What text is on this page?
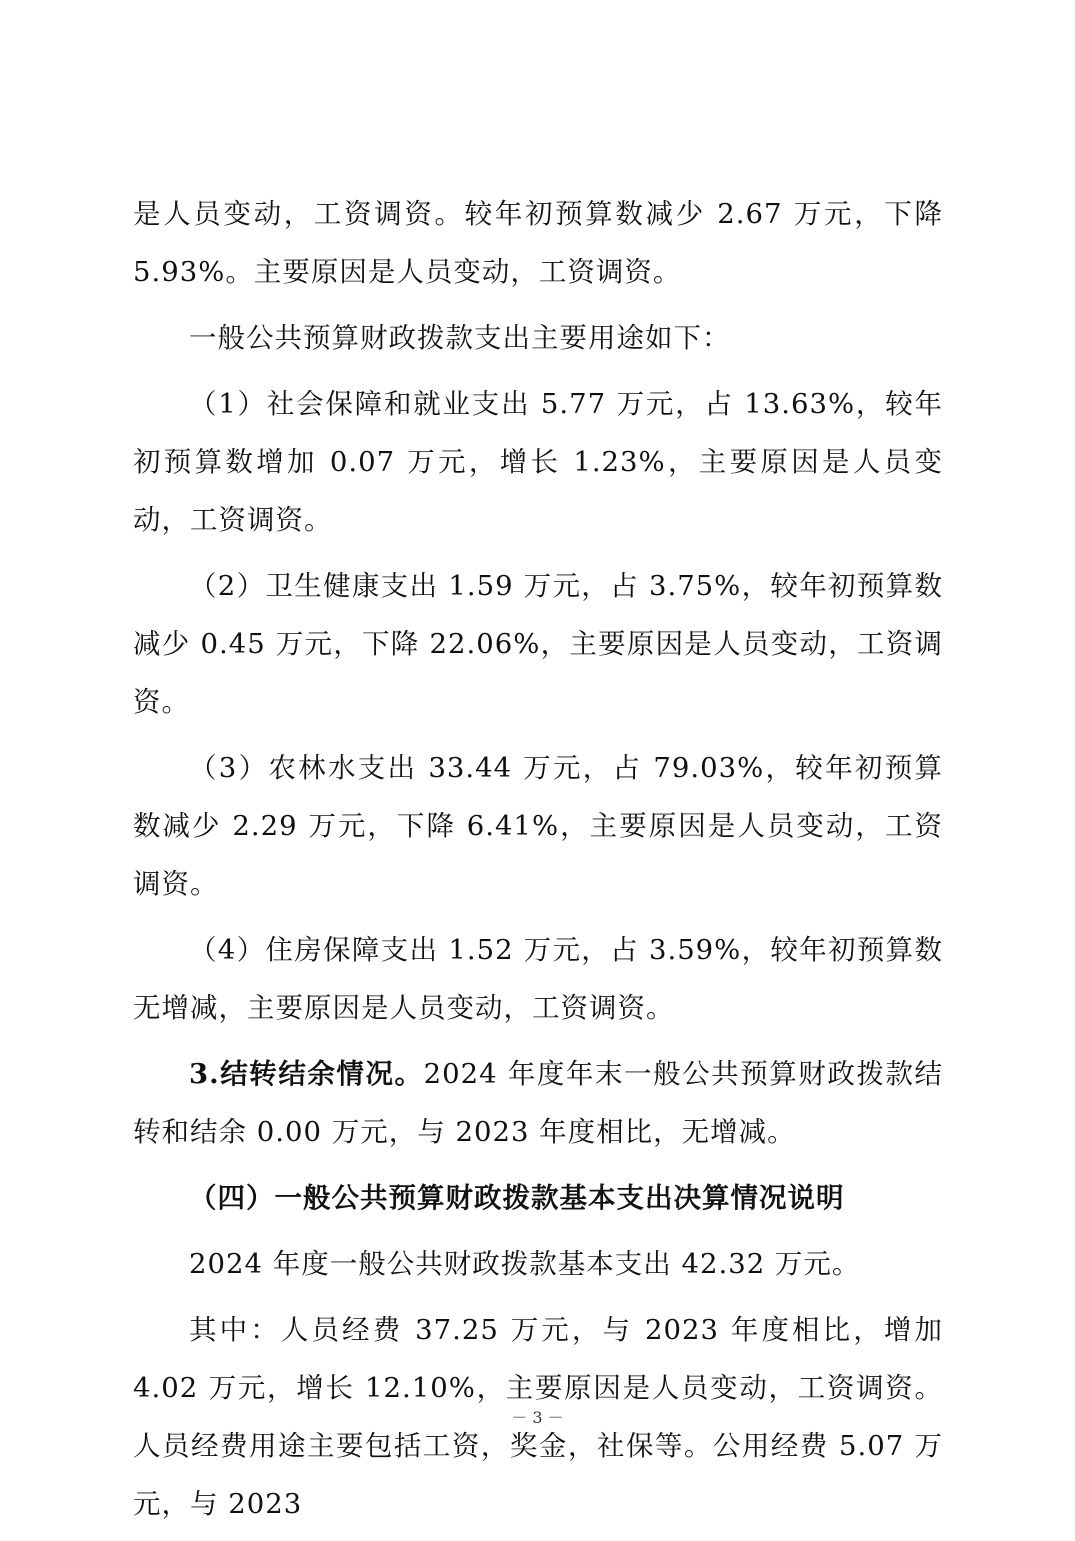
是人员变动，工资调资。较年初预算数减少 2.67 万元，下降 5.93%。主要原因是人员变动，工资调资。

一般公共预算财政拨款支出主要用途如下：

（1）社会保障和就业支出 5.77 万元，占 13.63%，较年初预算数增加 0.07 万元，增长 1.23%，主要原因是人员变动，工资调资。

（2）卫生健康支出 1.59 万元，占 3.75%，较年初预算数减少 0.45 万元，下降 22.06%，主要原因是人员变动，工资调资。

（3）农林水支出 33.44 万元，占 79.03%，较年初预算数减少 2.29 万元，下降 6.41%，主要原因是人员变动，工资调资。

（4）住房保障支出 1.52 万元，占 3.59%，较年初预算数无增减，主要原因是人员变动，工资调资。

3.结转结余情况。2024 年度年末一般公共预算财政拨款结转和结余 0.00 万元，与 2023 年度相比，无增减。

（四）一般公共预算财政拨款基本支出决算情况说明

2024 年度一般公共财政拨款基本支出 42.32 万元。

其中：人员经费 37.25 万元，与 2023 年度相比，增加 4.02 万元，增长 12.10%，主要原因是人员变动，工资调资。人员经费用途主要包括工资，奖金，社保等。公用经费 5.07 万元，与 2023

－ 3 －
